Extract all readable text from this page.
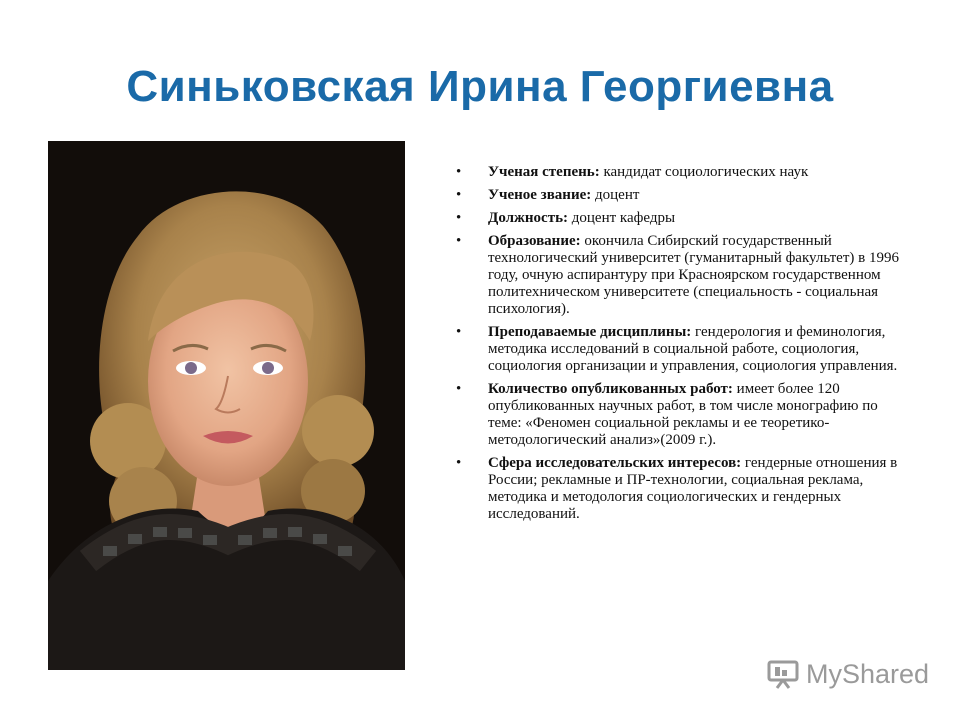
Синьковская Ирина Георгиевна
•	Ученая степень: кандидат социологических наук
•	Ученое звание: доцент
•	Должность: доцент кафедры
•	Образование: окончила Сибирский государственный технологический университет (гуманитарный факультет) в 1996 году, очную аспирантуру при Красноярском государственном политехническом университете (специальность - социальная психология).
•	Преподаваемые дисциплины: гендерология и феминология, методика исследований в социальной работе, социология, социология организации и управления, социология управления.
•	Количество опубликованных работ: имеет более 120 опубликованных научных работ, в том числе монографию по теме: «Феномен социальной рекламы и ее теоретико-методологический анализ»(2009 г.).
•	Сфера исследовательских интересов: гендерные отношения в России; рекламные и ПР-технологии, социальная реклама, методика и методология социологических и гендерных исследований.
MyShared
